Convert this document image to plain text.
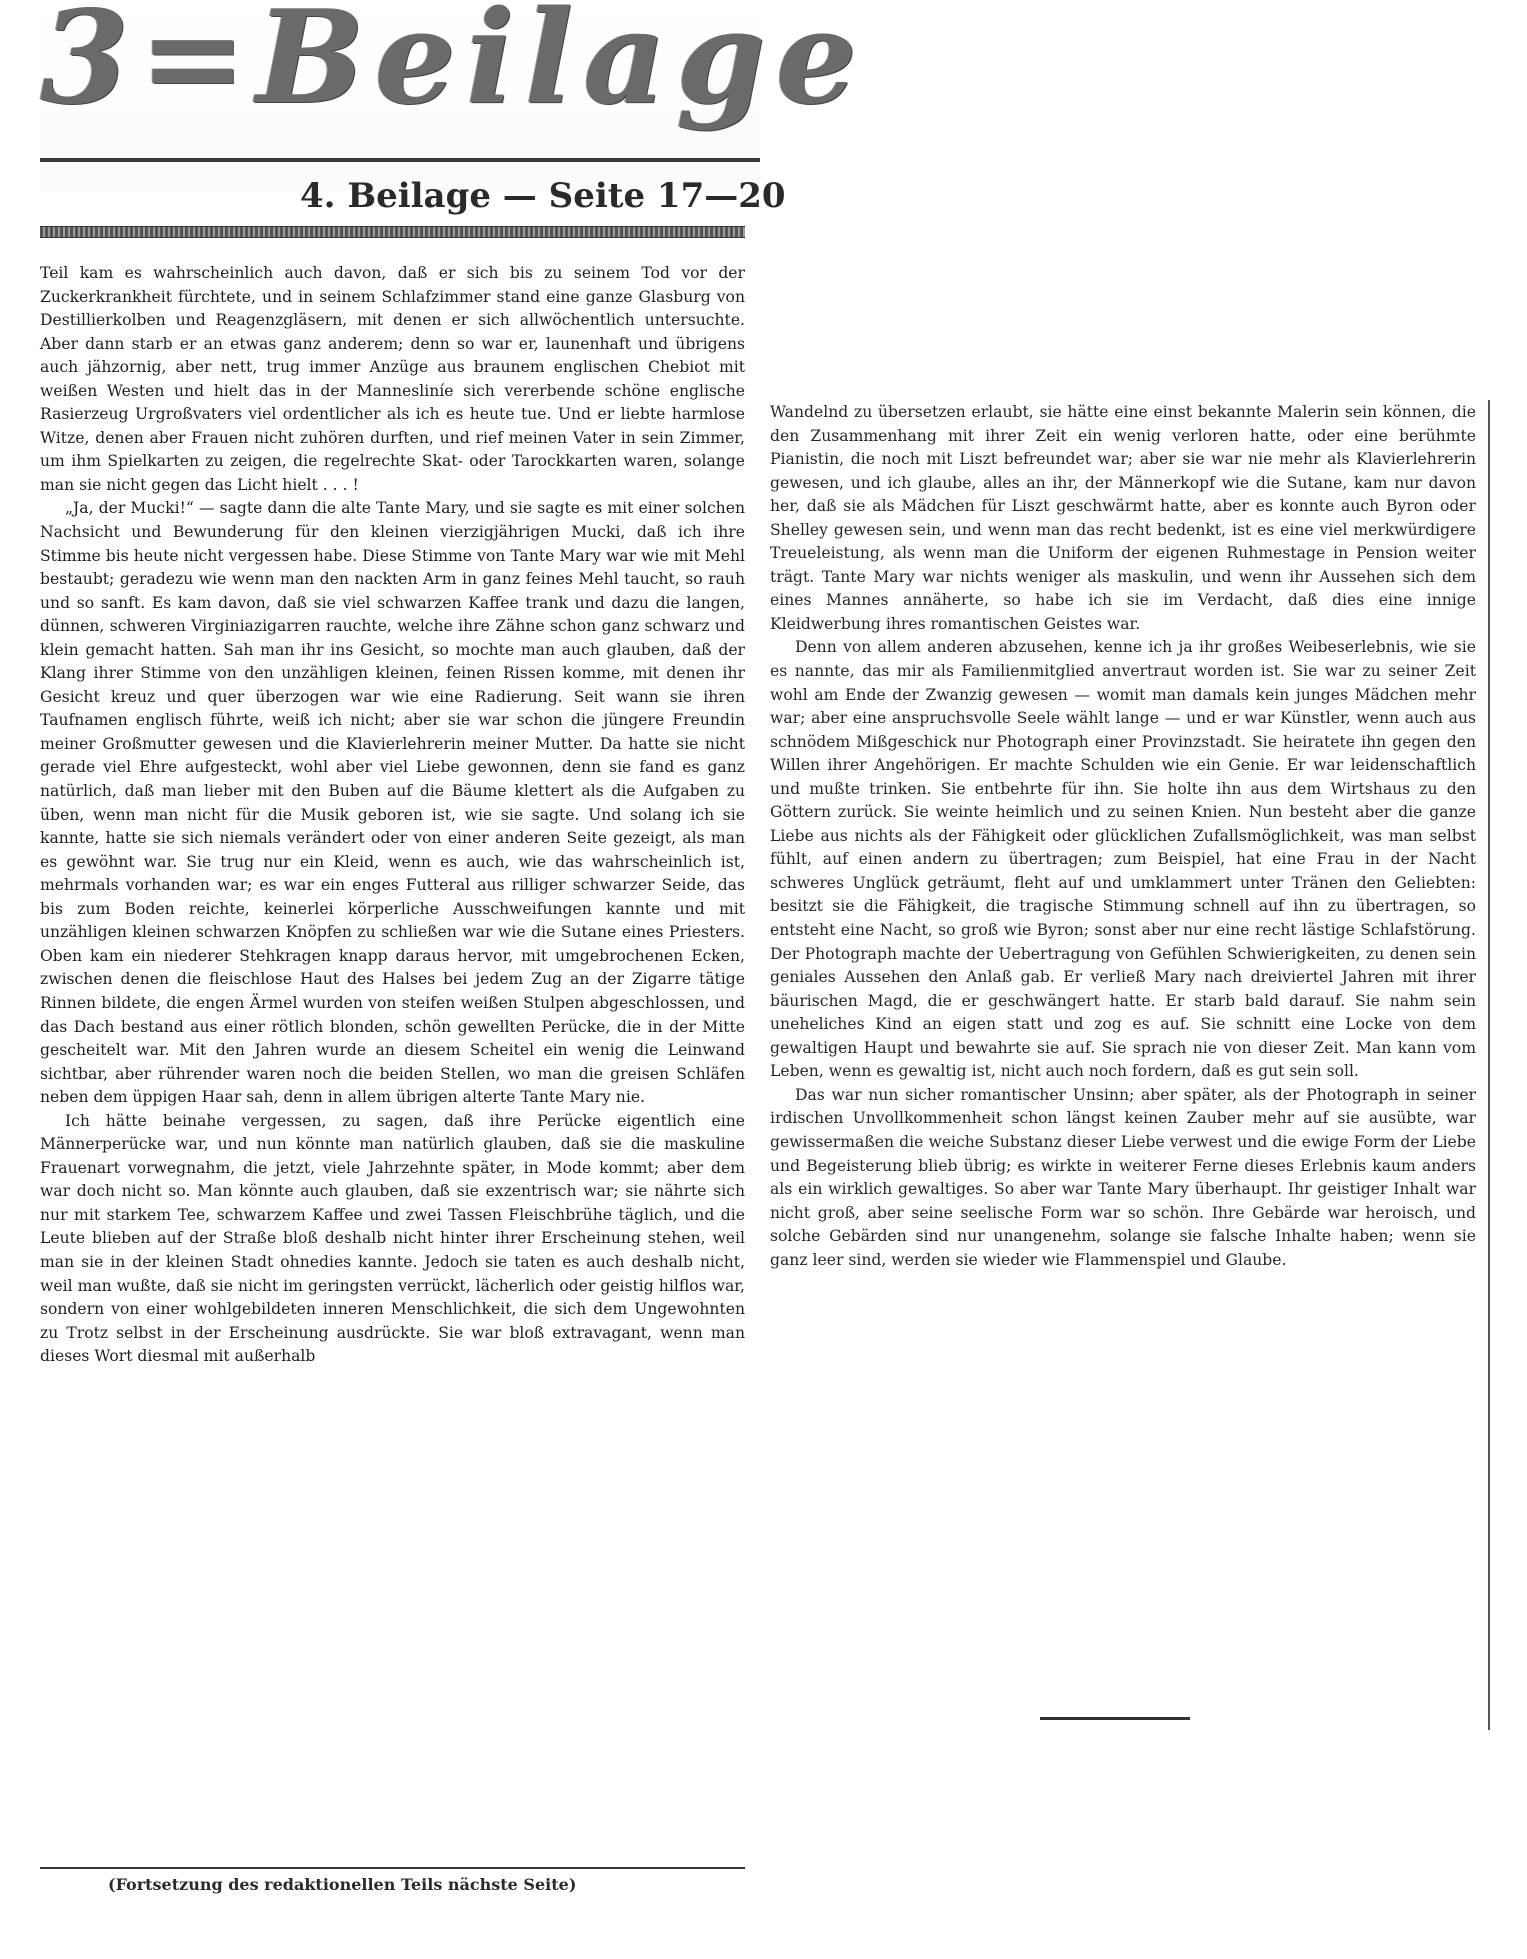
3=Beilage
4. Beilage — Seite 17—20

Teil kam es wahrscheinlich auch davon, daß er sich bis zu seinem Tod vor der Zuckerkrankheit fürchtete, und in seinem Schlafzimmer stand eine ganze Glasburg von Destillierkolben und Reagenzgläsern, mit denen er sich allwöchentlich untersuchte. Aber dann starb er an etwas ganz anderem; denn so war er, launenhaft und übrigens auch jähzornig, aber nett, trug immer Anzüge aus braunem englischen Chebiot mit weißen Westen und hielt das in der Mannesliníe sich vererbende schöne englische Rasierzeug Urgroßvaters viel ordentlicher als ich es heute tue. Und er liebte harmlose Witze, denen aber Frauen nicht zuhören durften, und rief meinen Vater in sein Zimmer, um ihm Spielkarten zu zeigen, die regelrechte Skat- oder Tarockkarten waren, solange man sie nicht gegen das Licht hielt . . . !

„Ja, der Mucki!“ — sagte dann die alte Tante Mary, und sie sagte es mit einer solchen Nachsicht und Bewunderung für den kleinen vierzigjährigen Mucki, daß ich ihre Stimme bis heute nicht vergessen habe. Diese Stimme von Tante Mary war wie mit Mehl bestaubt; geradezu wie wenn man den nackten Arm in ganz feines Mehl taucht, so rauh und so sanft. Es kam davon, daß sie viel schwarzen Kaffee trank und dazu die langen, dünnen, schweren Virginiazigarren rauchte, welche ihre Zähne schon ganz schwarz und klein gemacht hatten. Sah man ihr ins Gesicht, so mochte man auch glauben, daß der Klang ihrer Stimme von den unzähligen kleinen, feinen Rissen komme, mit denen ihr Gesicht kreuz und quer überzogen war wie eine Radierung. Seit wann sie ihren Taufnamen englisch führte, weiß ich nicht; aber sie war schon die jüngere Freundin meiner Großmutter gewesen und die Klavierlehrerin meiner Mutter. Da hatte sie nicht gerade viel Ehre aufgesteckt, wohl aber viel Liebe gewonnen, denn sie fand es ganz natürlich, daß man lieber mit den Buben auf die Bäume klettert als die Aufgaben zu üben, wenn man nicht für die Musik geboren ist, wie sie sagte. Und solang ich sie kannte, hatte sie sich niemals verändert oder von einer anderen Seite gezeigt, als man es gewöhnt war. Sie trug nur ein Kleid, wenn es auch, wie das wahrscheinlich ist, mehrmals vorhanden war; es war ein enges Futteral aus rilliger schwarzer Seide, das bis zum Boden reichte, keinerlei körperliche Ausschweifungen kannte und mit unzähligen kleinen schwarzen Knöpfen zu schließen war wie die Sutane eines Priesters. Oben kam ein niederer Stehkragen knapp daraus hervor, mit umgebrochenen Ecken, zwischen denen die fleischlose Haut des Halses bei jedem Zug an der Zigarre tätige Rinnen bildete, die engen Ärmel wurden von steifen weißen Stulpen abgeschlossen, und das Dach bestand aus einer rötlich blonden, schön gewellten Perücke, die in der Mitte gescheitelt war. Mit den Jahren wurde an diesem Scheitel ein wenig die Leinwand sichtbar, aber rührender waren noch die beiden Stellen, wo man die greisen Schläfen neben dem üppigen Haar sah, denn in allem übrigen alterte Tante Mary nie.

Ich hätte beinahe vergessen, zu sagen, daß ihre Perücke eigentlich eine Männerperücke war, und nun könnte man natürlich glauben, daß sie die maskuline Frauenart vorwegnahm, die jetzt, viele Jahrzehnte später, in Mode kommt; aber dem war doch nicht so. Man könnte auch glauben, daß sie exzentrisch war; sie nährte sich nur mit starkem Tee, schwarzem Kaffee und zwei Tassen Fleischbrühe täglich, und die Leute blieben auf der Straße bloß deshalb nicht hinter ihrer Erscheinung stehen, weil man sie in der kleinen Stadt ohnedies kannte. Jedoch sie taten es auch deshalb nicht, weil man wußte, daß sie nicht im geringsten verrückt, lächerlich oder geistig hilflos war, sondern von einer wohlgebildeten inneren Menschlichkeit, die sich dem Ungewohnten zu Trotz selbst in der Erscheinung ausdrückte. Sie war bloß extravagant, wenn man dieses Wort diesmal mit außerhalb

(Fortsetzung des redaktionellen Teils nächste Seite)

Wandelnd zu übersetzen erlaubt, sie hätte eine einst bekannte Malerin sein können, die den Zusammenhang mit ihrer Zeit ein wenig verloren hatte, oder eine berühmte Pianistin, die noch mit Liszt befreundet war; aber sie war nie mehr als Klavierlehrerin gewesen, und ich glaube, alles an ihr, der Männerkopf wie die Sutane, kam nur davon her, daß sie als Mädchen für Liszt geschwärmt hatte, aber es konnte auch Byron oder Shelley gewesen sein, und wenn man das recht bedenkt, ist es eine viel merkwürdigere Treueleistung, als wenn man die Uniform der eigenen Ruhmestage in Pension weiter trägt. Tante Mary war nichts weniger als maskulin, und wenn ihr Aussehen sich dem eines Mannes annäherte, so habe ich sie im Verdacht, daß dies eine innige Kleidwerbung ihres romantischen Geistes war.

Denn von allem anderen abzusehen, kenne ich ja ihr großes Weibeserlebnis, wie sie es nannte, das mir als Familienmitglied anvertraut worden ist. Sie war zu seiner Zeit wohl am Ende der Zwanzig gewesen — womit man damals kein junges Mädchen mehr war; aber eine anspruchsvolle Seele wählt lange — und er war Künstler, wenn auch aus schnödem Mißgeschick nur Photograph einer Provinzstadt. Sie heiratete ihn gegen den Willen ihrer Angehörigen. Er machte Schulden wie ein Genie. Er war leidenschaftlich und mußte trinken. Sie entbehrte für ihn. Sie holte ihn aus dem Wirtshaus zu den Göttern zurück. Sie weinte heimlich und zu seinen Knien. Nun besteht aber die ganze Liebe aus nichts als der Fähigkeit oder glücklichen Zufallsmöglichkeit, was man selbst fühlt, auf einen andern zu übertragen; zum Beispiel, hat eine Frau in der Nacht schweres Unglück geträumt, fleht auf und umklammert unter Tränen den Geliebten: besitzt sie die Fähigkeit, die tragische Stimmung schnell auf ihn zu übertragen, so entsteht eine Nacht, so groß wie Byron; sonst aber nur eine recht lästige Schlafstörung. Der Photograph machte der Uebertragung von Gefühlen Schwierigkeiten, zu denen sein geniales Aussehen den Anlaß gab. Er verließ Mary nach dreiviertel Jahren mit ihrer bäurischen Magd, die er geschwängert hatte. Er starb bald darauf. Sie nahm sein uneheliches Kind an eigen statt und zog es auf. Sie schnitt eine Locke von dem gewaltigen Haupt und bewahrte sie auf. Sie sprach nie von dieser Zeit. Man kann vom Leben, wenn es gewaltig ist, nicht auch noch fordern, daß es gut sein soll.

Das war nun sicher romantischer Unsinn; aber später, als der Photograph in seiner irdischen Unvollkommenheit schon längst keinen Zauber mehr auf sie ausübte, war gewissermaßen die weiche Substanz dieser Liebe verwest und die ewige Form der Liebe und Begeisterung blieb übrig; es wirkte in weiterer Ferne dieses Erlebnis kaum anders als ein wirklich gewaltiges. So aber war Tante Mary überhaupt. Ihr geistiger Inhalt war nicht groß, aber seine seelische Form war so schön. Ihre Gebärde war heroisch, und solche Gebärden sind nur unangenehm, solange sie falsche Inhalte haben; wenn sie ganz leer sind, werden sie wieder wie Flammenspiel und Glaube.
